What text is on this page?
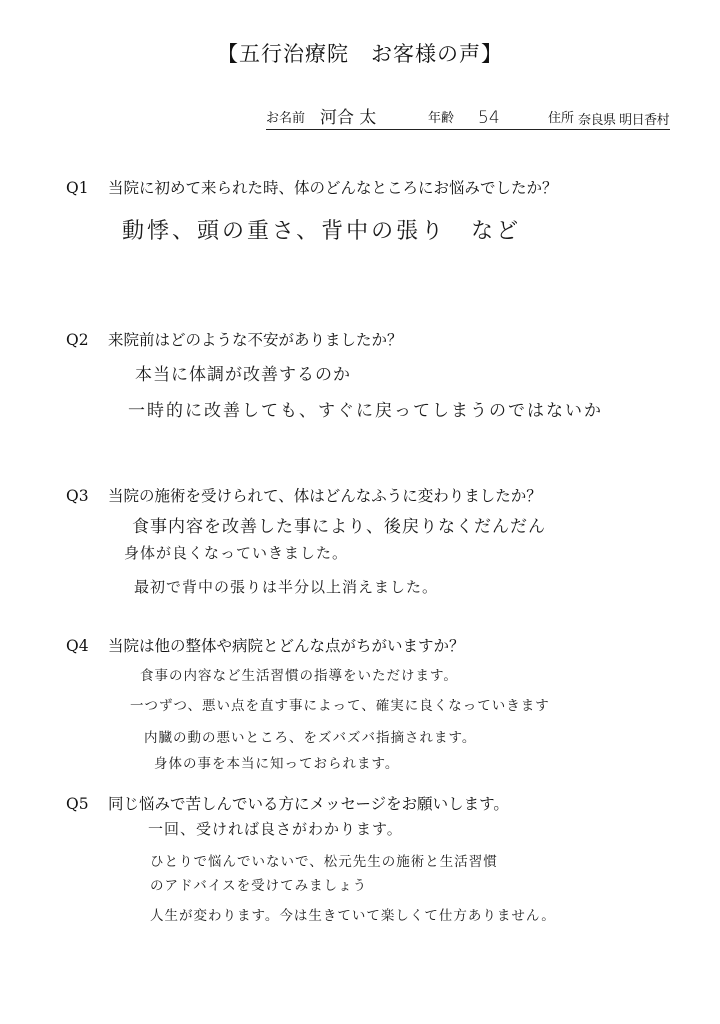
【五行治療院　お客様の声】
お名前 河合 太	年齢 54	住所 奈良県 明日香村
Q1 当院に初めて来られた時、体のどんなところにお悩みでしたか？
動悸、頭の重さ、背中の張り　など
Q2 来院前はどのような不安がありましたか？
本当に体調が改善するのか
一時的に改善しても、すぐに戻ってしまうのではないか
Q3 当院の施術を受けられて、体はどんなふうに変わりましたか？
食事内容を改善した事により、後戻りなくだんだん
身体が良くなっていきました。
最初で背中の張りは半分以上消えました。
Q4 当院は他の整体や病院とどんな点がちがいますか？
食事の内容など生活習慣の指導をいただけます。
一つずつ、悪い点を直す事によって、確実に良くなっていきます
内臓の動の悪いところ、をズバズバ指摘されます。
身体の事を本当に知っておられます。
Q5 同じ悩みで苦しんでいる方にメッセージをお願いします。
一回、受ければ良さがわかります。
ひとりで悩んでいないで、松元先生の施術と生活習慣
のアドバイスを受けてみましょう
人生が変わります。今は生きていて楽しくて仕方ありません。
